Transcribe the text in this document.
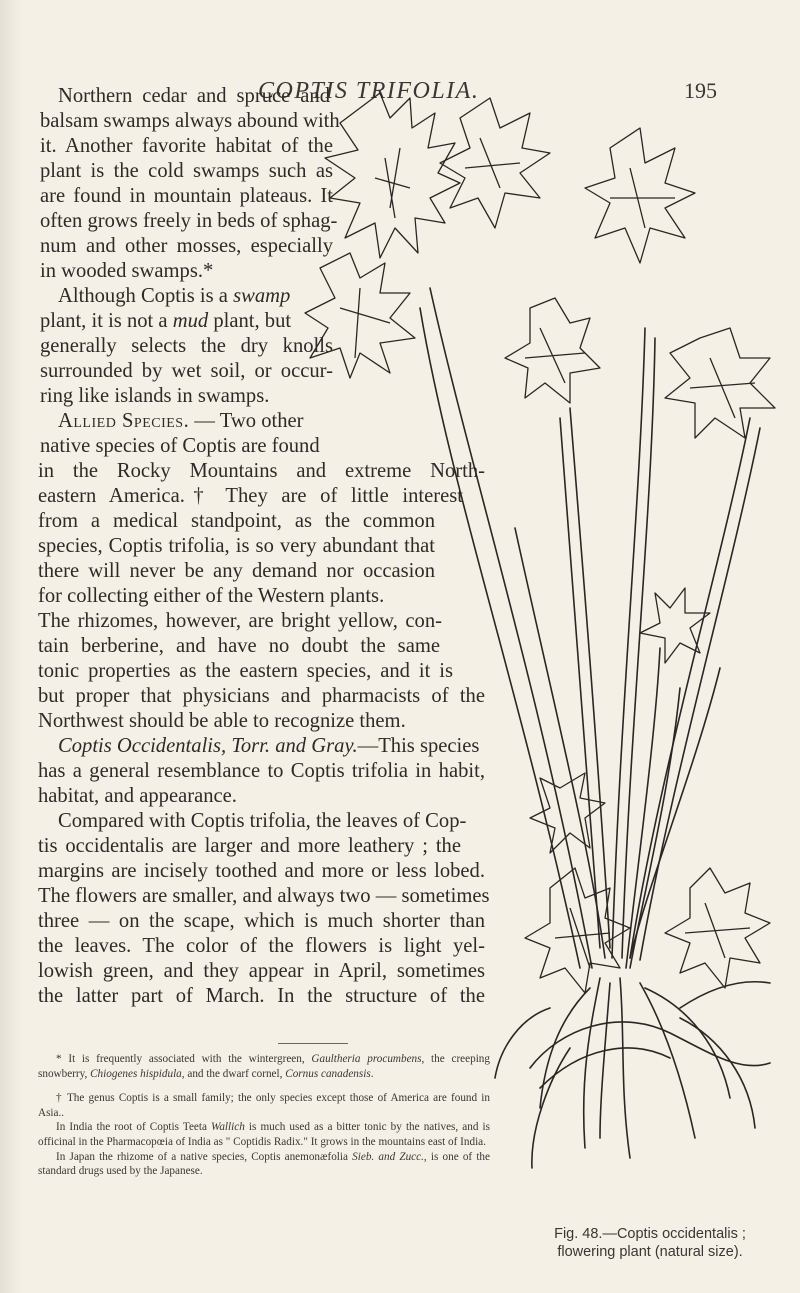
COPTIS TRIFOLIA.	195
Northern cedar and spruce and
balsam swamps always abound with
it. Another favorite habitat of the
plant is the cold swamps such as
are found in mountain plateaus. It
often grows freely in beds of sphag-
num and other mosses, especially
in wooded swamps.*
Although Coptis is a swamp
plant, it is not a mud plant, but
generally selects the dry knolls
surrounded by wet soil, or occur-
ring like islands in swamps.
Allied Species. — Two other
native species of Coptis are found
in the Rocky Mountains and extreme North-
eastern America.† They are of little interest
from a medical standpoint, as the common
species, Coptis trifolia, is so very abundant that
there will never be any demand nor occasion
for collecting either of the Western plants.
The rhizomes, however, are bright yellow, con-
tain berberine, and have no doubt the same
tonic properties as the eastern species, and it is
but proper that physicians and pharmacists of the
Northwest should be able to recognize them.
Coptis Occidentalis, Torr. and Gray.—This species
has a general resemblance to Coptis trifolia in habit,
habitat, and appearance.
Compared with Coptis trifolia, the leaves of Cop-
tis occidentalis are larger and more leathery ; the
margins are incisely toothed and more or less lobed.
The flowers are smaller, and always two — sometimes
three — on the scape, which is much shorter than
the leaves. The color of the flowers is light yel-
lowish green, and they appear in April, sometimes
the latter part of March. In the structure of the

* It is frequently associated with the wintergreen, Gaultheria procumbens, the creeping snowberry, Chiogenes hispidula, and the dwarf cornel, Cornus canadensis.

† The genus Coptis is a small family; the only species except those of America are found in Asia..

In India the root of Coptis Teeta Wallich is much used as a bitter tonic by the natives, and is officinal in the Pharmacopœia of India as " Coptidis Radix." It grows in the mountains east of India.

In Japan the rhizome of a native species, Coptis anemonæfolia Sieb. and Zucc., is one of the standard drugs used by the Japanese.

Fig. 48.—Coptis occidentalis ;
flowering plant (natural size).
